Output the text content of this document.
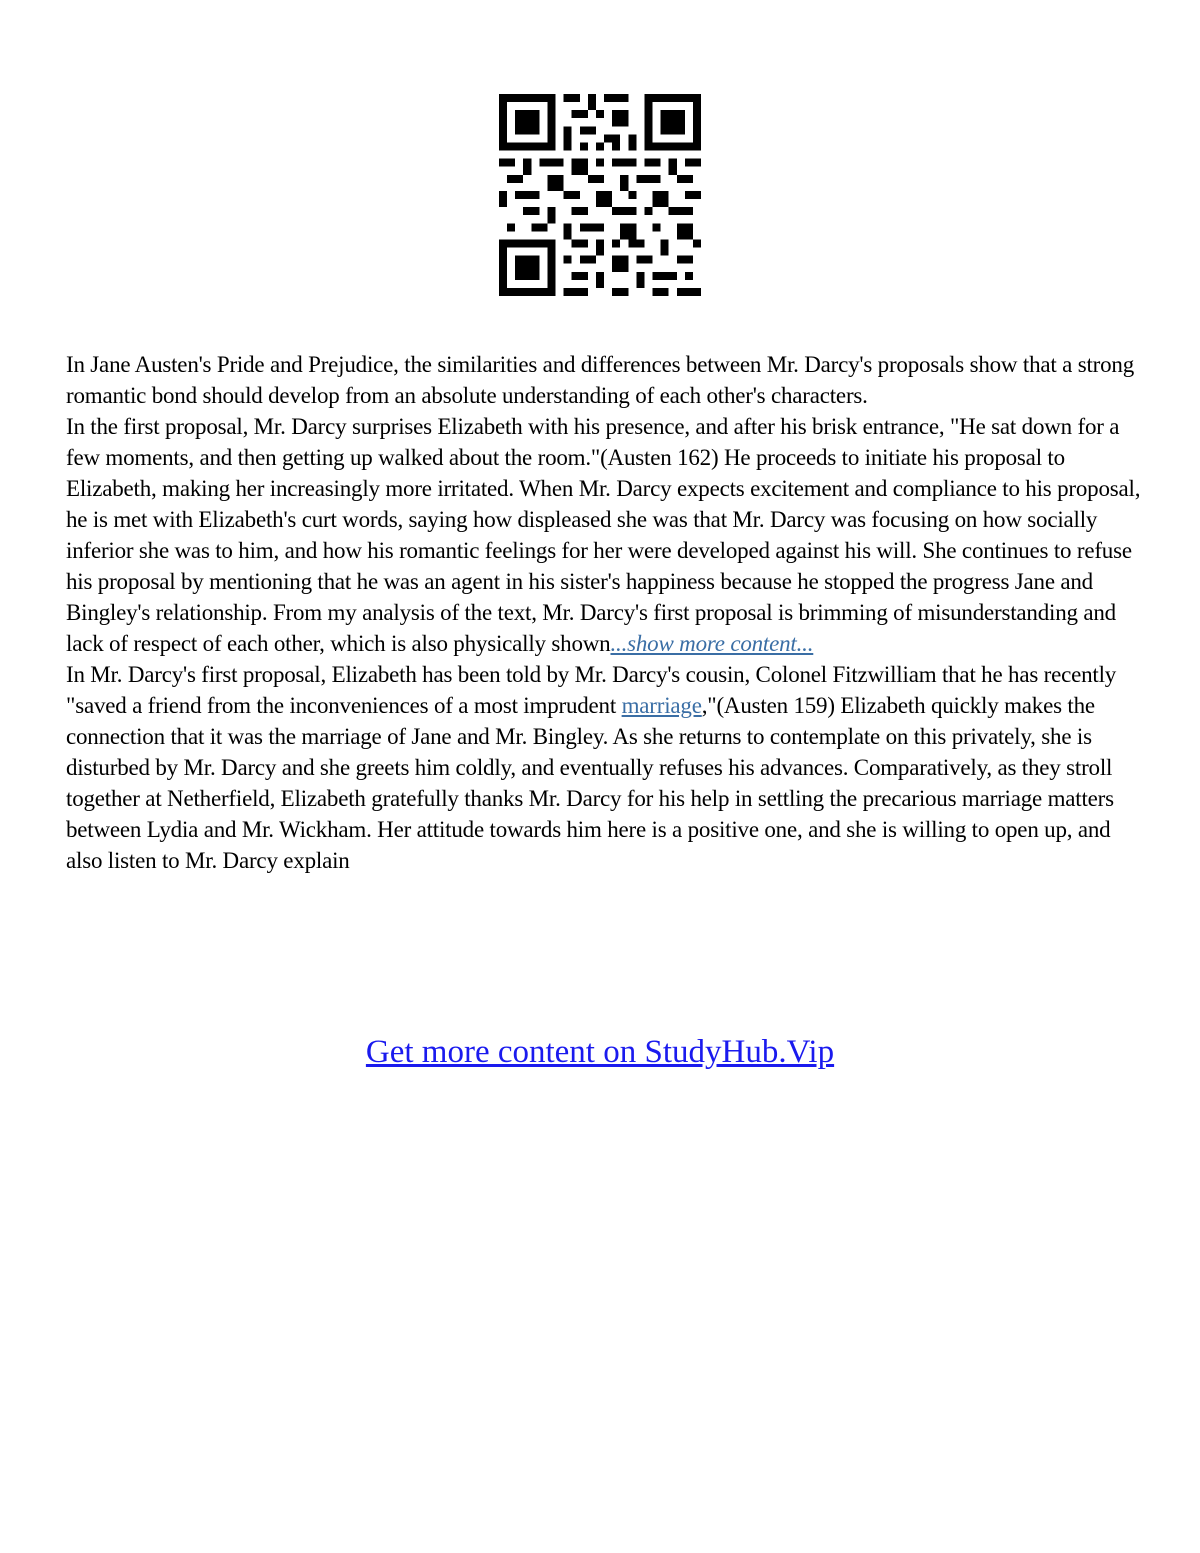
In Jane Austen's Pride and Prejudice, the similarities and differences between Mr. Darcy's proposals show that a strong romantic bond should develop from an absolute understanding of each other's characters.

In the first proposal, Mr. Darcy surprises Elizabeth with his presence, and after his brisk entrance, "He sat down for a few moments, and then getting up walked about the room."(Austen 162) He proceeds to initiate his proposal to Elizabeth, making her increasingly more irritated. When Mr. Darcy expects excitement and compliance to his proposal, he is met with Elizabeth's curt words, saying how displeased she was that Mr. Darcy was focusing on how socially inferior she was to him, and how his romantic feelings for her were developed against his will. She continues to refuse his proposal by mentioning that he was an agent in his sister's happiness because he stopped the progress Jane and Bingley's relationship. From my analysis of the text, Mr. Darcy's first proposal is brimming of misunderstanding and lack of respect of each other, which is also physically shown...show more content...

In Mr. Darcy's first proposal, Elizabeth has been told by Mr. Darcy's cousin, Colonel Fitzwilliam that he has recently "saved a friend from the inconveniences of a most imprudent marriage,"(Austen 159) Elizabeth quickly makes the connection that it was the marriage of Jane and Mr. Bingley. As she returns to contemplate on this privately, she is disturbed by Mr. Darcy and she greets him coldly, and eventually refuses his advances. Comparatively, as they stroll together at Netherfield, Elizabeth gratefully thanks Mr. Darcy for his help in settling the precarious marriage matters between Lydia and Mr. Wickham. Her attitude towards him here is a positive one, and she is willing to open up, and also listen to Mr. Darcy explain

Get more content on StudyHub.Vip
